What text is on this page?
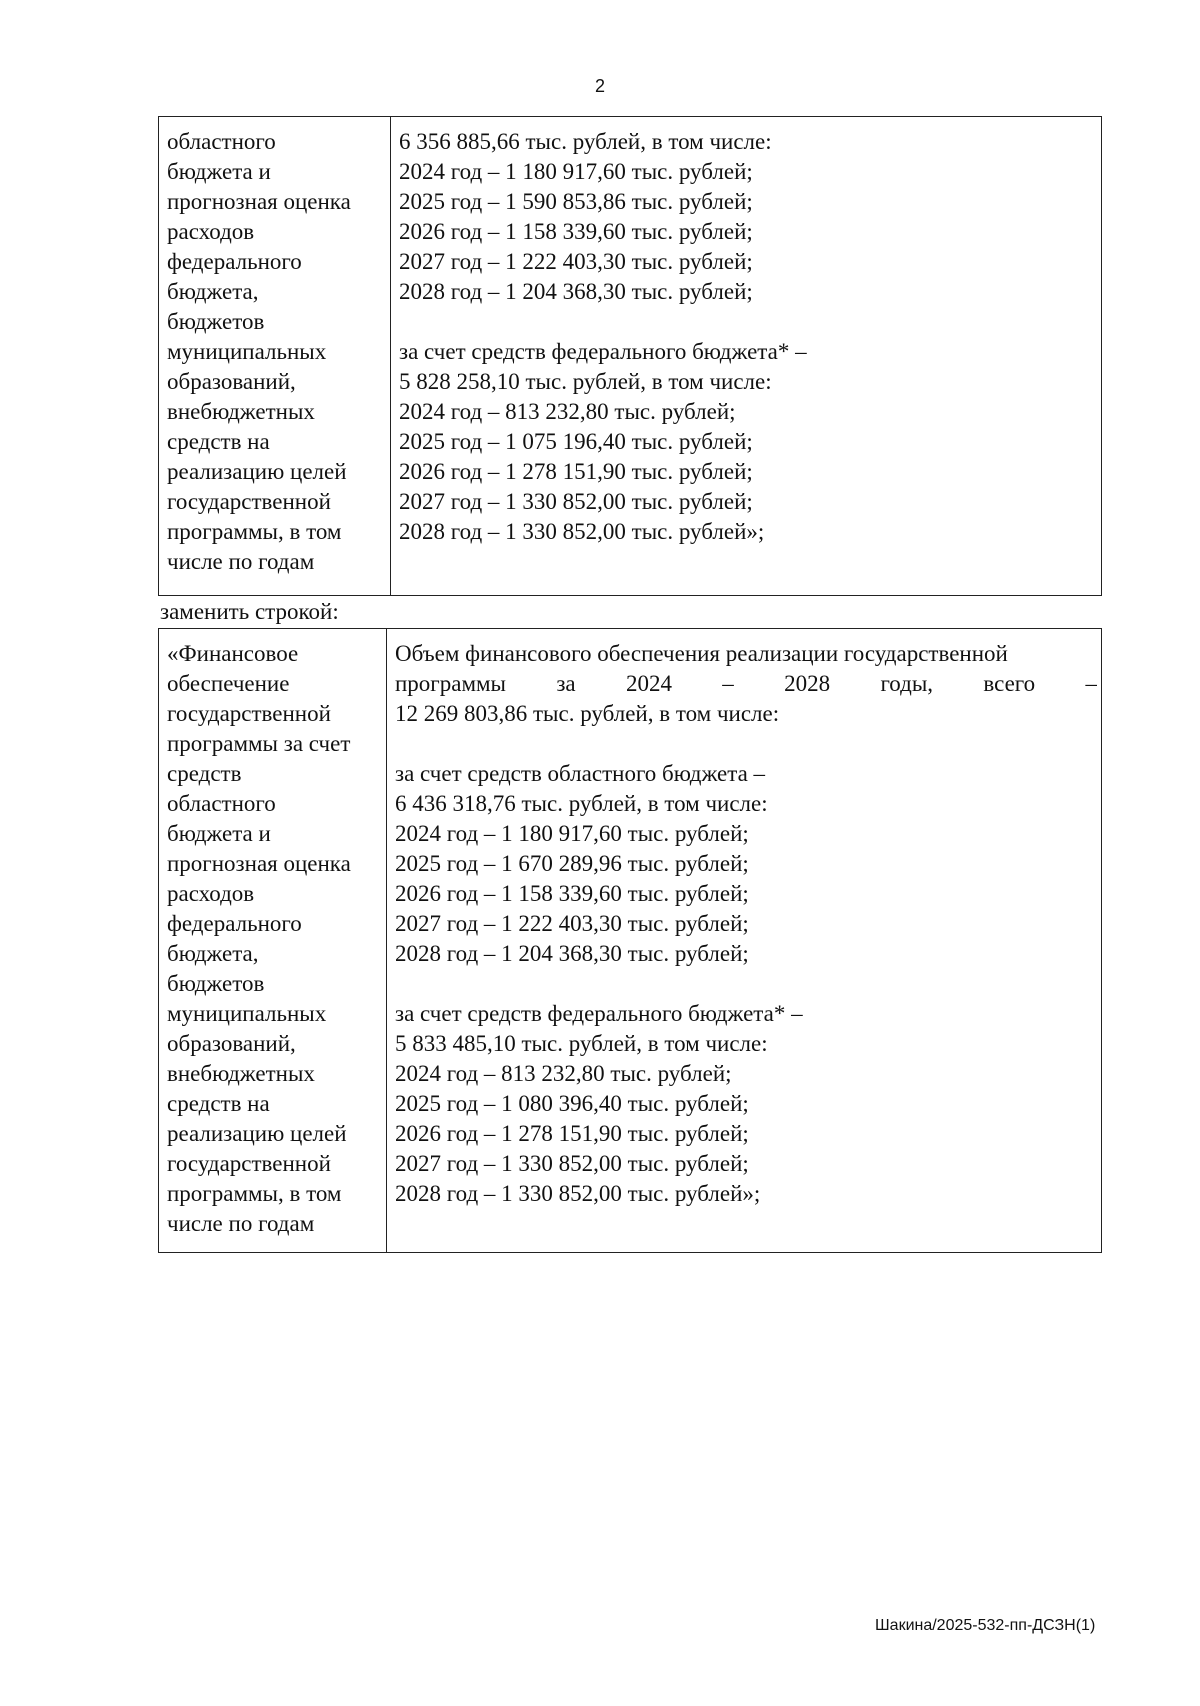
2
областного
бюджета и
прогнозная оценка
расходов
федерального
бюджета,
бюджетов
муниципальных
образований,
внебюджетных
средств на
реализацию целей
государственной
программы, в том
числе по годам
6 356 885,66 тыс. рублей, в том числе:
2024 год – 1 180 917,60 тыс. рублей;
2025 год – 1 590 853,86 тыс. рублей;
2026 год – 1 158 339,60 тыс. рублей;
2027 год – 1 222 403,30 тыс. рублей;
2028 год – 1 204 368,30 тыс. рублей;
за счет средств федерального бюджета* –
5 828 258,10 тыс. рублей, в том числе:
2024 год – 813 232,80 тыс. рублей;
2025 год – 1 075 196,40 тыс. рублей;
2026 год – 1 278 151,90 тыс. рублей;
2027 год – 1 330 852,00 тыс. рублей;
2028 год – 1 330 852,00 тыс. рублей»;
заменить строкой:
«Финансовое
обеспечение
государственной
программы за счет
средств
областного
бюджета и
прогнозная оценка
расходов
федерального
бюджета,
бюджетов
муниципальных
образований,
внебюджетных
средств на
реализацию целей
государственной
программы, в том
числе по годам
Объем финансового обеспечения реализации государственной
программы за 2024 – 2028 годы, всего –
12 269 803,86 тыс. рублей, в том числе:
за счет средств областного бюджета –
6 436 318,76 тыс. рублей, в том числе:
2024 год – 1 180 917,60 тыс. рублей;
2025 год – 1 670 289,96 тыс. рублей;
2026 год – 1 158 339,60 тыс. рублей;
2027 год – 1 222 403,30 тыс. рублей;
2028 год – 1 204 368,30 тыс. рублей;
за счет средств федерального бюджета* –
5 833 485,10 тыс. рублей, в том числе:
2024 год – 813 232,80 тыс. рублей;
2025 год – 1 080 396,40 тыс. рублей;
2026 год – 1 278 151,90 тыс. рублей;
2027 год – 1 330 852,00 тыс. рублей;
2028 год – 1 330 852,00 тыс. рублей»;
Шакина/2025-532-пп-ДСЗН(1)
